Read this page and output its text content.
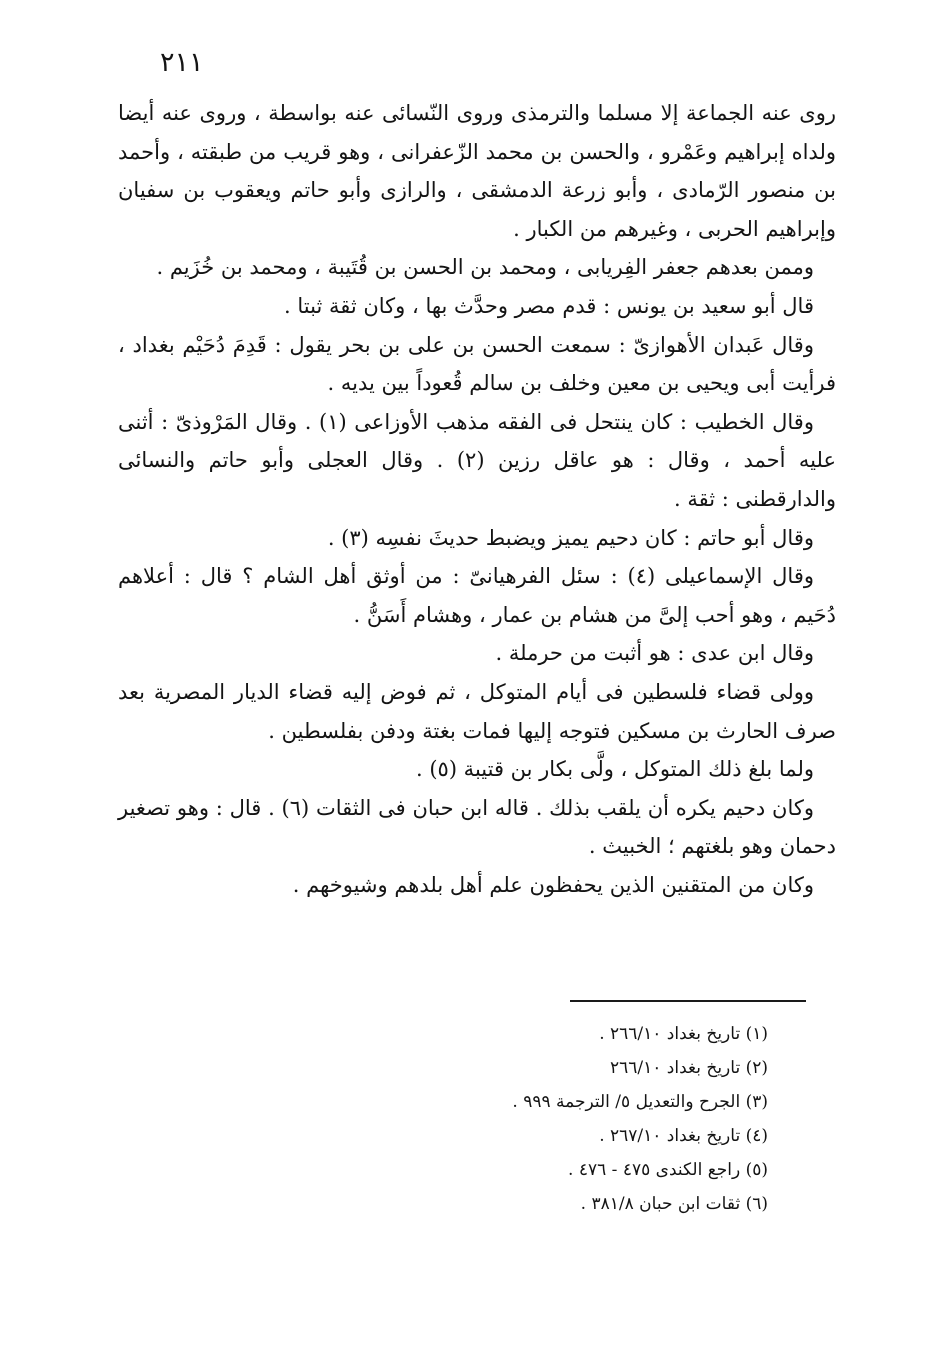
٢١١

روى عنه الجماعة إلا مسلما والترمذى وروى النّسائى عنه بواسطة ، وروى عنه أيضا ولداه إبراهيم وعَمْرو ، والحسن بن محمد الزّعفرانى ، وهو قريب من طبقته ، وأحمد بن منصور الرّمادى ، وأبو زرعة الدمشقى ، والرازى وأبو حاتم ويعقوب بن سفيان وإبراهيم الحربى ، وغيرهم من الكبار .

وممن بعدهم جعفر الفِريابى ، ومحمد بن الحسن بن قُتَيبة ، ومحمد بن خُزَيم .

قال أبو سعيد بن يونس : قدم مصر وحدَّث بها ، وكان ثقة ثبتا .

وقال عَبدان الأهوازىّ : سمعت الحسن بن على بن بحر يقول : قَدِمَ دُحَيْم بغداد ، فرأيت أبى ويحيى بن معين وخلف بن سالم قُعوداً بين يديه .

وقال الخطيب : كان ينتحل فى الفقه مذهب الأوزاعى (١) . وقال المَرْوذىّ : أثنى عليه أحمد ، وقال : هو عاقل رزين (٢) . وقال العجلى وأبو حاتم والنسائى والدارقطنى : ثقة .

وقال أبو حاتم : كان دحيم يميز ويضبط حديثَ نفسِه (٣) .

وقال الإسماعيلى (٤) : سئل الفرهيانىّ : من أوثق أهل الشام ؟ قال : أعلاهم دُحَيم ، وهو أحب إلىَّ من هشام بن عمار ، وهشام أَسَنُّ .

وقال ابن عدى : هو أثبت من حرملة .

وولى قضاء فلسطين فى أيام المتوكل ، ثم فوض إليه قضاء الديار المصرية بعد صرف الحارث بن مسكين فتوجه إليها فمات بغتة ودفن بفلسطين .

ولما بلغ ذلك المتوكل ، ولَّى بكار بن قتيبة (٥) .

وكان دحيم يكره أن يلقب بذلك . قاله ابن حبان فى الثقات (٦) . قال : وهو تصغير دحمان وهو بلغتهم ؛ الخبيث .

وكان من المتقنين الذين يحفظون علم أهل بلدهم وشيوخهم .

(١) تاريخ بغداد ٢٦٦/١٠ .

(٢) تاريخ بغداد ٢٦٦/١٠

(٣) الجرح والتعديل ٥/ الترجمة ٩٩٩ .

(٤) تاريخ بغداد ٢٦٧/١٠ .

(٥) راجع الكندى ٤٧٥ - ٤٧٦ .

(٦) ثقات ابن حبان ٣٨١/٨ .
